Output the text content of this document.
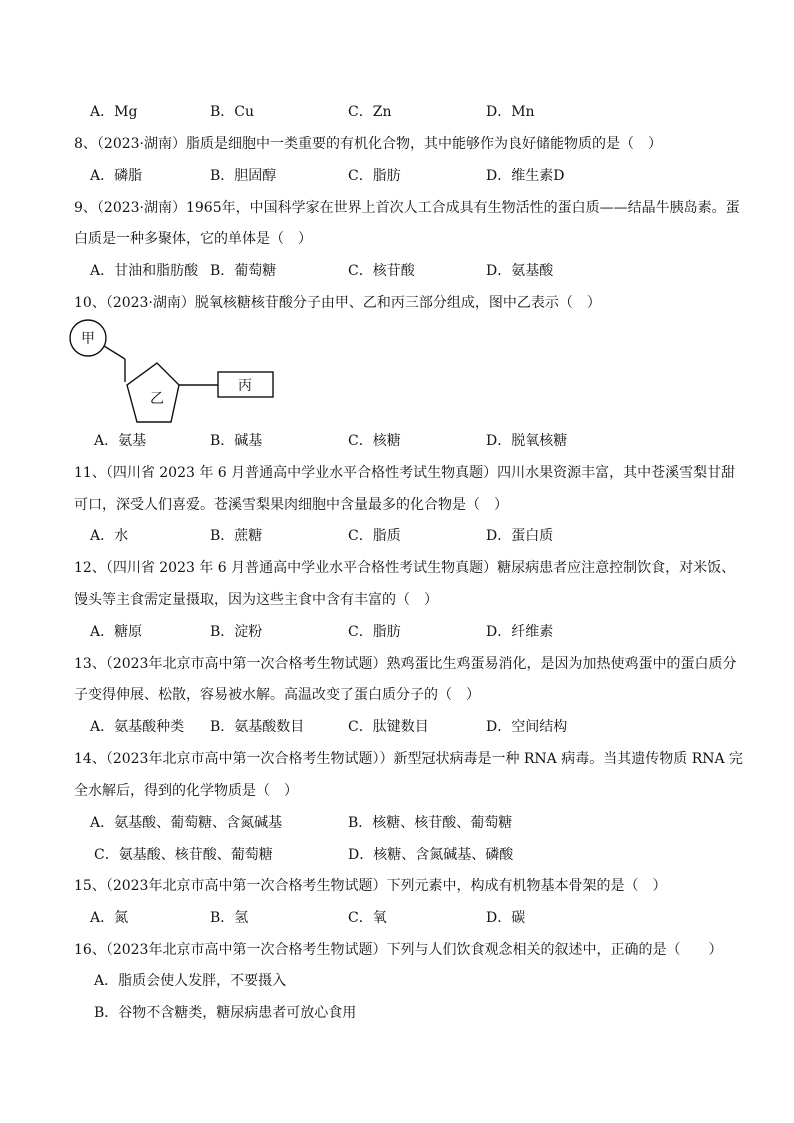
A．Mg	B．Cu	C．Zn	D．Mn
8、（2023·湖南）脂质是细胞中一类重要的有机化合物，其中能够作为良好储能物质的是（　）
A．磷脂	B．胆固醇	C．脂肪	D．维生素D
9、（2023·湖南）1965年，中国科学家在世界上首次人工合成具有生物活性的蛋白质——结晶牛胰岛素。蛋
白质是一种多聚体，它的单体是（　）
A．甘油和脂肪酸 B．葡萄糖	C．核苷酸	D．氨基酸
10、（2023·湖南）脱氧核糖核苷酸分子由甲、乙和丙三部分组成，图中乙表示（　）
甲
乙
丙
A．氨基	B．碱基	C．核糖	D．脱氧核糖
11、（四川省 2023 年 6 月普通高中学业水平合格性考试生物真题）四川水果资源丰富，其中苍溪雪梨甘甜
可口，深受人们喜爱。苍溪雪梨果肉细胞中含量最多的化合物是（　）
A．水	B．蔗糖	C．脂质	D．蛋白质
12、（四川省 2023 年 6 月普通高中学业水平合格性考试生物真题）糖尿病患者应注意控制饮食，对米饭、
馒头等主食需定量摄取，因为这些主食中含有丰富的（　）
A．糖原	B．淀粉	C．脂肪	D．纤维素
13、（2023年北京市高中第一次合格考生物试题）熟鸡蛋比生鸡蛋易消化，是因为加热使鸡蛋中的蛋白质分
子变得伸展、松散，容易被水解。高温改变了蛋白质分子的（　）
A．氨基酸种类 B．氨基酸数目	C．肽键数目	D．空间结构
14、（2023年北京市高中第一次合格考生物试题））新型冠状病毒是一种 RNA 病毒。当其遗传物质 RNA 完
全水解后，得到的化学物质是（　）
A．氨基酸、葡萄糖、含氮碱基	B．核糖、核苷酸、葡萄糖
C．氨基酸、核苷酸、葡萄糖	D．核糖、含氮碱基、磷酸
15、（2023年北京市高中第一次合格考生物试题）下列元素中，构成有机物基本骨架的是（　）
A．氮	B．氢	C．氧	D．碳
16、（2023年北京市高中第一次合格考生物试题）下列与人们饮食观念相关的叙述中，正确的是（　　）
A．脂质会使人发胖，不要摄入
B．谷物不含糖类，糖尿病患者可放心食用
